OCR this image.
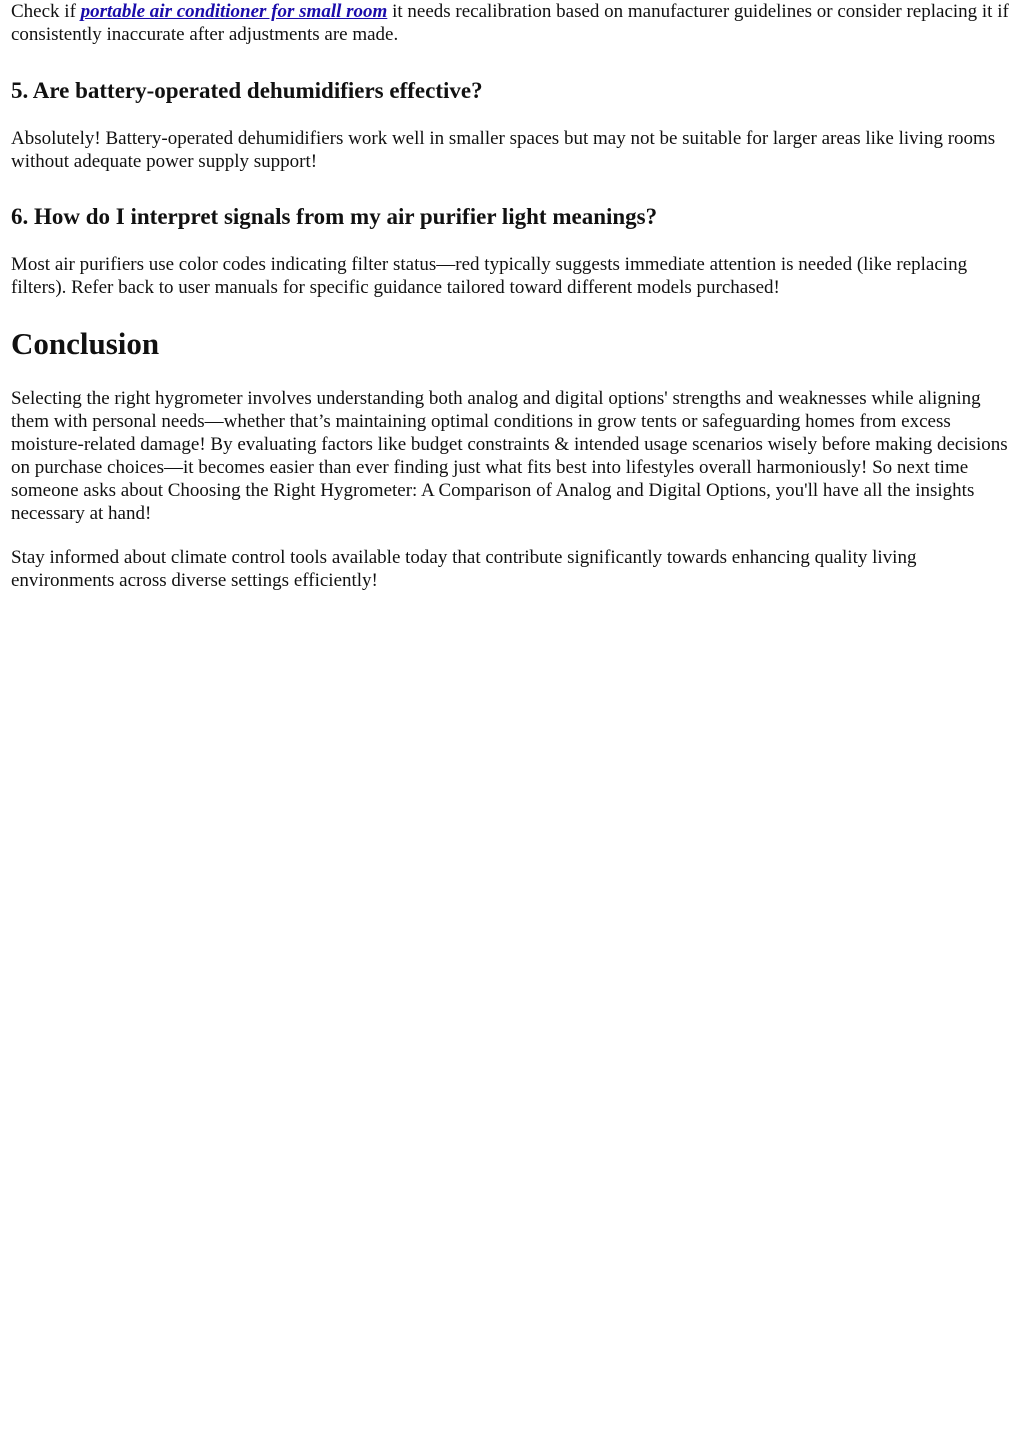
Check if portable air conditioner for small room it needs recalibration based on manufacturer guidelines or consider replacing it if consistently inaccurate after adjustments are made.

5. Are battery-operated dehumidifiers effective?

Absolutely! Battery-operated dehumidifiers work well in smaller spaces but may not be suitable for larger areas like living rooms without adequate power supply support!

6. How do I interpret signals from my air purifier light meanings?

Most air purifiers use color codes indicating filter status—red typically suggests immediate attention is needed (like replacing filters). Refer back to user manuals for specific guidance tailored toward different models purchased!

Conclusion

Selecting the right hygrometer involves understanding both analog and digital options' strengths and weaknesses while aligning them with personal needs—whether that’s maintaining optimal conditions in grow tents or safeguarding homes from excess moisture-related damage! By evaluating factors like budget constraints & intended usage scenarios wisely before making decisions on purchase choices—it becomes easier than ever finding just what fits best into lifestyles overall harmoniously! So next time someone asks about Choosing the Right Hygrometer: A Comparison of Analog and Digital Options, you'll have all the insights necessary at hand!

Stay informed about climate control tools available today that contribute significantly towards enhancing quality living environments across diverse settings efficiently!
